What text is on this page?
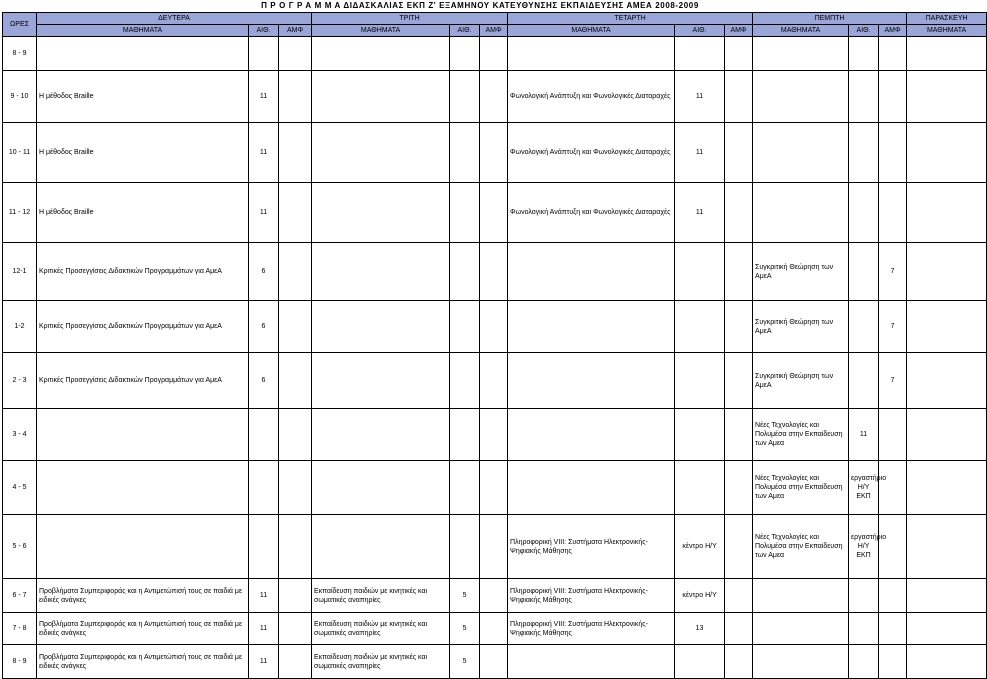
Π Ρ Ο Γ Ρ Α Μ Μ Α ΔΙΔΑΣΚΑΛΙΑΣ ΕΚΠ Ζ' ΕΞΑΜΗΝΟΥ ΚΑΤΕΥΘΥΝΣΗΣ ΕΚΠΑΙΔΕΥΣΗΣ ΑΜΕΑ 2008-2009
ΩΡΕΣ	ΔΕΥΤΕΡΑ			ΤΡΙΤΗ			ΤΕΤΑΡΤΗ			ΠΕΜΠΤΗ			ΠΑΡΑΣΚΕΥΗ	
	ΜΑΘΗΜΑΤΑ	ΑΙΘ.	ΑΜΦ	ΜΑΘΗΜΑΤΑ	ΑΙΘ.	ΑΜΦ	ΜΑΘΗΜΑΤΑ	ΑΙΘ.	ΑΜΦ	ΜΑΘΗΜΑΤΑ	ΑΙΘ.	ΑΜΦ	ΜΑΘΗΜΑΤΑ	
8 - 9														
9 - 10	Η μέθοδος Braille	11					Φωνολογική Ανάπτυξη και Φωνολογικές Διαταραχές	11						
10 - 11	Η μέθοδος Braille	11					Φωνολογική Ανάπτυξη και Φωνολογικές Διαταραχές	11						
11 - 12	Η μέθοδος Braille	11					Φωνολογική Ανάπτυξη και Φωνολογικές Διαταραχές	11						
12-1	Κριτικές Προσεγγίσεις Διδακτικών Προγραμμάτων για ΑμεΑ	6								Συγκριτική Θεώρηση των ΑμεΑ		7		
1-2	Κριτικές Προσεγγίσεις Διδακτικών Προγραμμάτων για ΑμεΑ	6								Συγκριτική Θεώρηση των ΑμεΑ		7		
2 - 3	Κριτικές Προσεγγίσεις Διδακτικών Προγραμμάτων για ΑμεΑ	6								Συγκριτική Θεώρηση των ΑμεΑ		7		
3 - 4										Νέες Τεχνολογίες και Πολυμέσα στην Εκπαίδευση των Αμεα	11			
4 - 5										Νέες Τεχνολογίες και Πολυμέσα στην Εκπαίδευση των Αμεα	εργαστήριο Η/Υ ΕΚΠ			
5 - 6							Πληροφορική VIII: Συστήματα Ηλεκτρονικής-Ψηφιακής Μάθησης	κέντρο Η/Υ		Νέες Τεχνολογίες και Πολυμέσα στην Εκπαίδευση των Αμεα	εργαστήριο Η/Υ ΕΚΠ			
6 - 7	Προβλήματα Συμπεριφοράς και η Αντιμετώπισή τους σε παιδιά με ειδικές ανάγκες	11		Εκπαίδευση παιδιών με κινητικές και σωματικές αναπηρίες	5		Πληροφορική VIII: Συστήματα Ηλεκτρονικής-Ψηφιακής Μάθησης	κέντρο Η/Υ						
7 - 8	Προβλήματα Συμπεριφοράς και η Αντιμετώπισή τους σε παιδιά με ειδικές ανάγκες	11		Εκπαίδευση παιδιών με κινητικές και σωματικές αναπηρίες	5		Πληροφορική VIII: Συστήματα Ηλεκτρονικής-Ψηφιακής Μάθησης	13						
8 - 9	Προβλήματα Συμπεριφοράς και η Αντιμετώπισή τους σε παιδιά με ειδικές ανάγκες	11		Εκπαίδευση παιδιών με κινητικές και σωματικές αναπηρίες	5									
